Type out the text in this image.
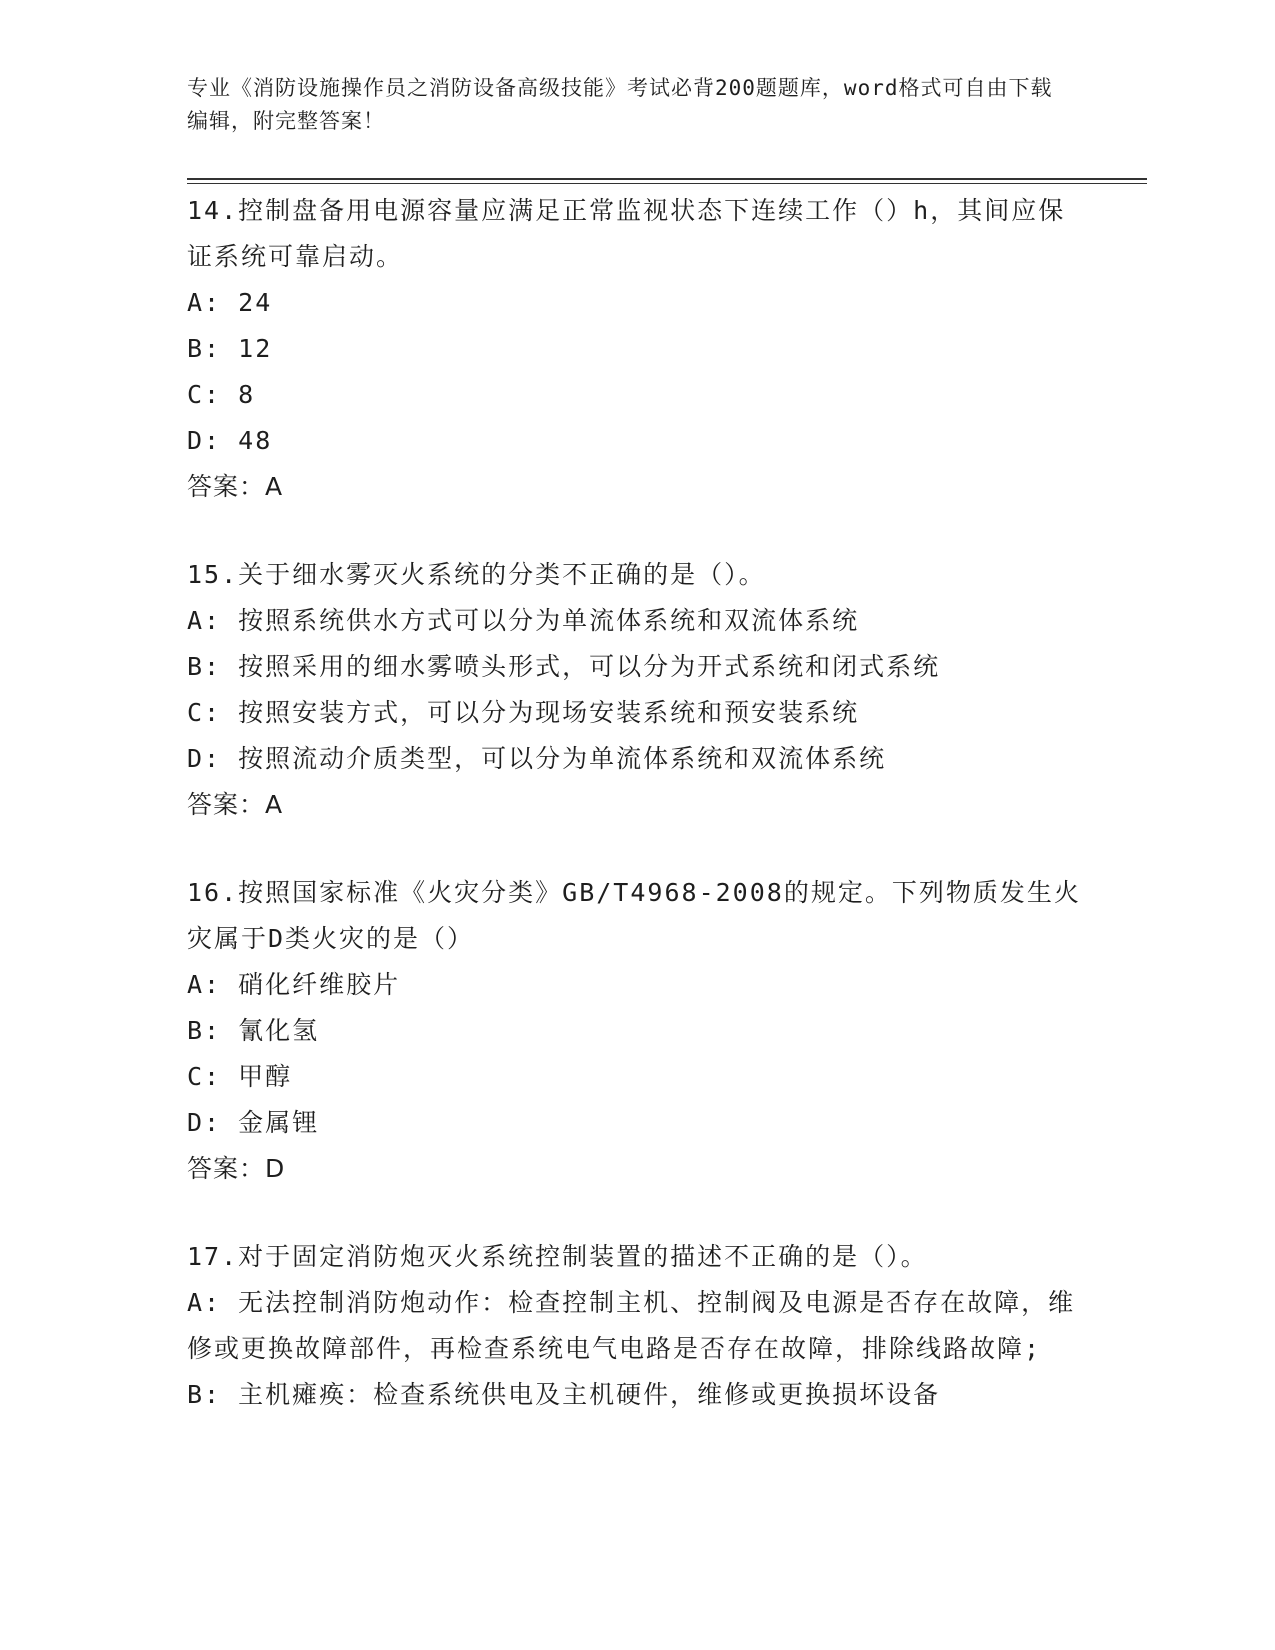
专业《消防设施操作员之消防设备高级技能》考试必背200题题库，word格式可自由下载编辑，附完整答案！

14.控制盘备用电源容量应满足正常监视状态下连续工作（）h，其间应保证系统可靠启动。

A: 24

B: 12

C: 8

D: 48

答案：A

15.关于细水雾灭火系统的分类不正确的是（）。

A: 按照系统供水方式可以分为单流体系统和双流体系统

B: 按照采用的细水雾喷头形式，可以分为开式系统和闭式系统

C: 按照安装方式，可以分为现场安装系统和预安装系统

D: 按照流动介质类型，可以分为单流体系统和双流体系统

答案：A

16.按照国家标准《火灾分类》GB/T4968-2008的规定。下列物质发生火灾属于D类火灾的是（）

A: 硝化纤维胶片

B: 氰化氢

C: 甲醇

D: 金属锂

答案：D

17.对于固定消防炮灭火系统控制装置的描述不正确的是（）。

A: 无法控制消防炮动作：检查控制主机、控制阀及电源是否存在故障，维修或更换故障部件，再检查系统电气电路是否存在故障，排除线路故障;

B: 主机瘫痪：检查系统供电及主机硬件，维修或更换损坏设备
